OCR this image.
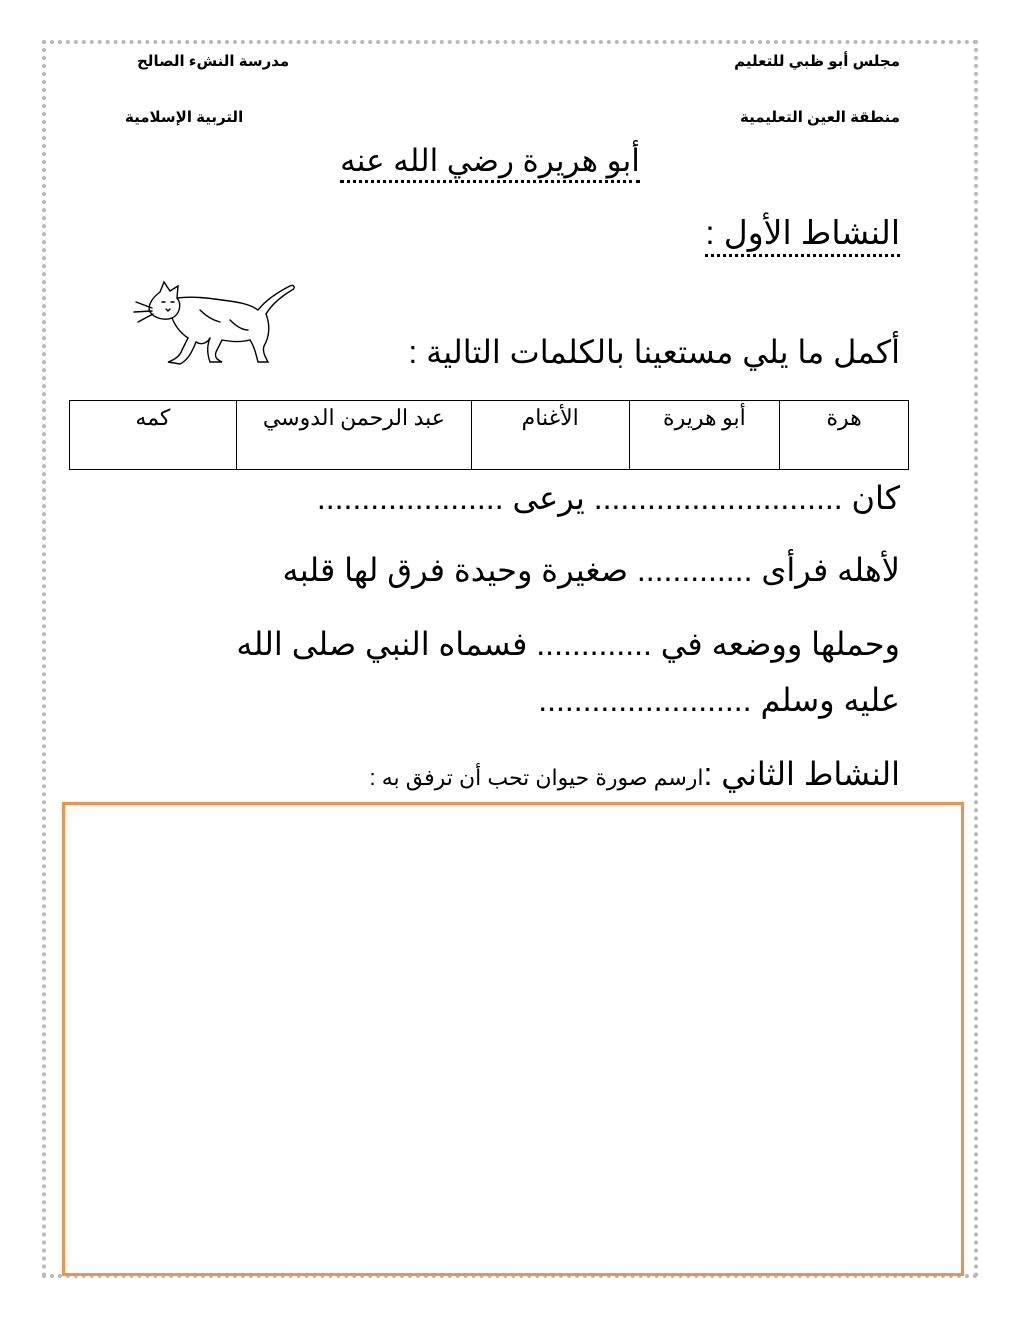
مجلس أبو ظبي للتعليم
مدرسة النشء الصالح
منطقة العين التعليمية
التربية الإسلامية
أبو هريرة رضي الله عنه
النشاط الأول :
أكمل ما يلي مستعينا بالكلمات التالية :
هرة	أبو هريرة	الأغنام	عبد الرحمن الدوسي	كمه
كان ............................ يرعى .....................
لأهله فرأى ............. صغيرة وحيدة فرق لها قلبه
وحملها ووضعه في ............. فسماه النبي صلى الله
عليه وسلم ........................
النشاط الثاني :ارسم صورة حيوان تحب أن ترفق به :
